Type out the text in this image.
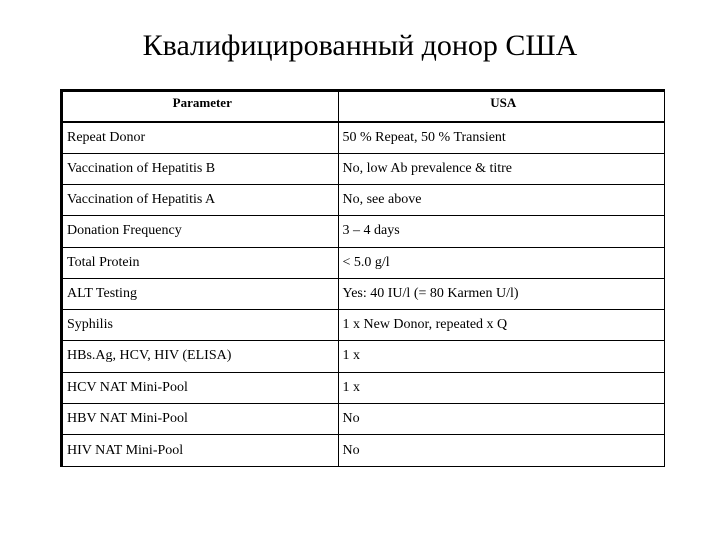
Квалифицированный донор США
Parameter	USA
Repeat Donor	50 % Repeat, 50 % Transient
Vaccination of Hepatitis B	No, low Ab prevalence & titre
Vaccination of Hepatitis A	No, see above
Donation Frequency	3 – 4 days
Total Protein	< 5.0 g/l
ALT Testing	Yes: 40 IU/l (= 80 Karmen U/l)
Syphilis	1 x New Donor, repeated x Q
HBs.Ag, HCV, HIV (ELISA)	1 x
HCV NAT Mini-Pool	1 x
HBV NAT Mini-Pool	No
HIV NAT Mini-Pool	No
